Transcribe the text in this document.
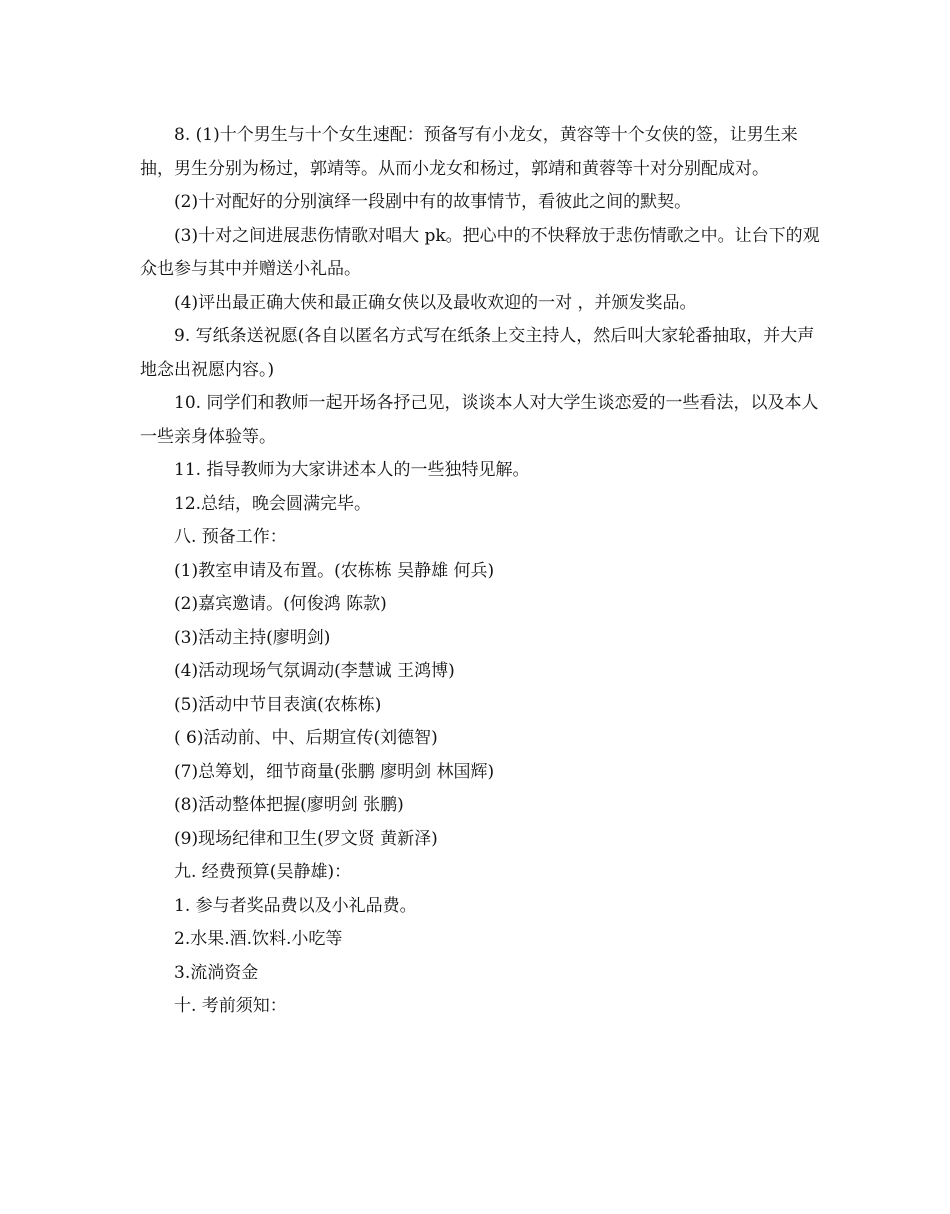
8. (1)十个男生与十个女生速配：预备写有小龙女，黄容等十个女侠的签，让男生来抽，男生分别为杨过，郭靖等。从而小龙女和杨过，郭靖和黄蓉等十对分别配成对。

(2)十对配好的分别演绎一段剧中有的故事情节，看彼此之间的默契。

(3)十对之间进展悲伤情歌对唱大 pk。把心中的不快释放于悲伤情歌之中。让台下的观众也参与其中并赠送小礼品。

(4)评出最正确大侠和最正确女侠以及最收欢迎的一对 ，并颁发奖品。

9. 写纸条送祝愿(各自以匿名方式写在纸条上交主持人，然后叫大家轮番抽取，并大声地念出祝愿内容。)

10. 同学们和教师一起开场各抒己见，谈谈本人对大学生谈恋爱的一些看法，以及本人一些亲身体验等。

11. 指导教师为大家讲述本人的一些独特见解。

12.总结，晚会圆满完毕。

八. 预备工作：

(1)教室申请及布置。(农栋栋 吴静雄 何兵)

(2)嘉宾邀请。(何俊鸿 陈款)

(3)活动主持(廖明剑)

(4)活动现场气氛调动(李慧诚 王鸿博)

(5)活动中节目表演(农栋栋)

( 6)活动前、中、后期宣传(刘德智)

(7)总筹划，细节商量(张鹏 廖明剑 林国辉)

(8)活动整体把握(廖明剑 张鹏)

(9)现场纪律和卫生(罗文贤 黄新泽)

九. 经费预算(吴静雄)：

1. 参与者奖品费以及小礼品费。

2.水果.酒.饮料.小吃等

3.流淌资金

十. 考前须知：
